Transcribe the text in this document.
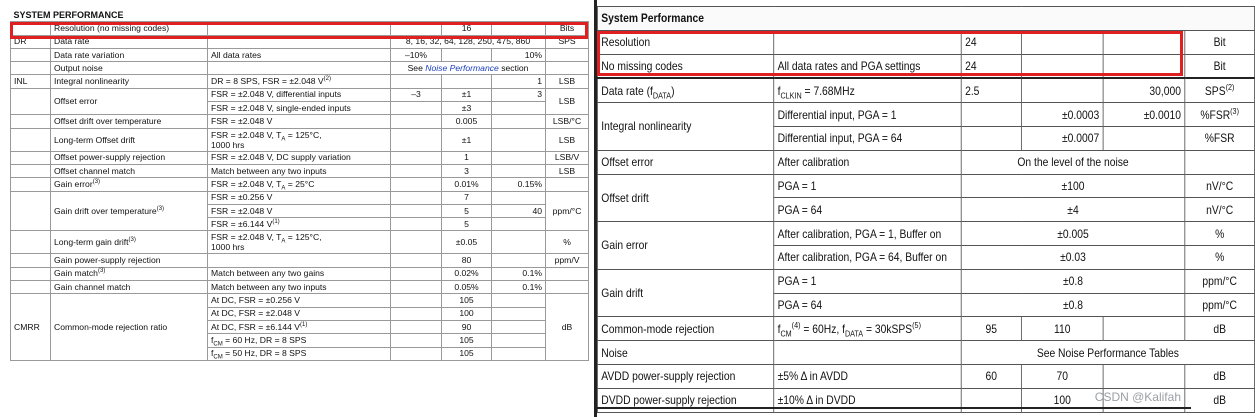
SYSTEM PERFORMANCE						
	Resolution (no missing codes)			16		Bits
DR	Data rate		8, 16, 32, 64, 128, 250, 475, 860			SPS
	Data rate variation	All data rates	–10%		10%	
	Output noise		See Noise Performance section			
INL	Integral nonlinearity	DR = 8 SPS, FSR = ±2.048 $V^{(2)}$			1	LSB
	Offset error	FSR = ±2.048 V, differential inputs	–3	±1	3	LSB
		FSR = ±2.048 V, single-ended inputs		±3		
	Offset drift over temperature	FSR = ±2.048 V		0.005		LSB/°C
	Long-term Offset drift	FSR = ±2.048 V, $T_A = 125^\circ C$,
1000 hrs		±1		LSB
	Offset power-supply rejection	FSR = ±2.048 V, DC supply variation		1		LSB/V
	Offset channel match	Match between any two inputs		3		LSB
	Gain error$^{(3)}$	FSR = ±2.048 V, $T_A = 25^\circ C$		0.01%	0.15%	
	Gain drift over temperature$^{(3)}$	FSR = ±0.256 V		7		ppm/°C
		FSR = ±2.048 V		5	40	
		FSR = ±6.144 $V^{(1)}$		5		
	Long-term gain drift$^{(3)}$	FSR = ±2.048 V, $T_A = 125^\circ C$,
1000 hrs		±0.05		%
	Gain power-supply rejection			80		ppm/V
	Gain match$^{(3)}$	Match between any two gains		0.02%	0.1%	
	Gain channel match	Match between any two inputs		0.05%	0.1%	
CMRR	Common-mode rejection ratio	At DC, FSR = ±0.256 V		105		dB
		At DC, FSR = ±2.048 V		100		
		At DC, FSR = ±6.144 $V^{(1)}$		90		
		$f_{CM} = 60$ Hz, DR = 8 SPS		105		
		$f_{CM} = 50$ Hz, DR = 8 SPS		105		
System Performance					
Resolution		24			Bit
No missing codes	All data rates and PGA settings	24			Bit
Data rate $(f_{DATA})$	$f_{CLKIN} = 7.68MHz$	2.5		30,000	SPS$^{(2)}$
Integral nonlinearity	Differential input, PGA = 1		±0.0003	±0.0010	%FSR$^{(3)}$
	Differential input, PGA = 64		±0.0007		%FSR
Offset error	After calibration	On the level of the noise			
Offset drift	PGA = 1	±100			nV/°C
	PGA = 64	±4			nV/°C
Gain error	After calibration, PGA = 1, Buffer on	±0.005			%
	After calibration, PGA = 64, Buffer on	±0.03			%
Gain drift	PGA = 1	±0.8			ppm/°C
	PGA = 64	±0.8			ppm/°C
Common-mode rejection	$f_{CM}^{(4)} = 60Hz$, $f_{DATA}$ = 30kSPS$^{(5)}$	95	110		dB
Noise		See Noise Performance Tables			
AVDD power-supply rejection	±5% Δ in AVDD	60	70		dB
DVDD power-supply rejection	±10% Δ in DVDD		100		dB
CSDN @Kalifah
